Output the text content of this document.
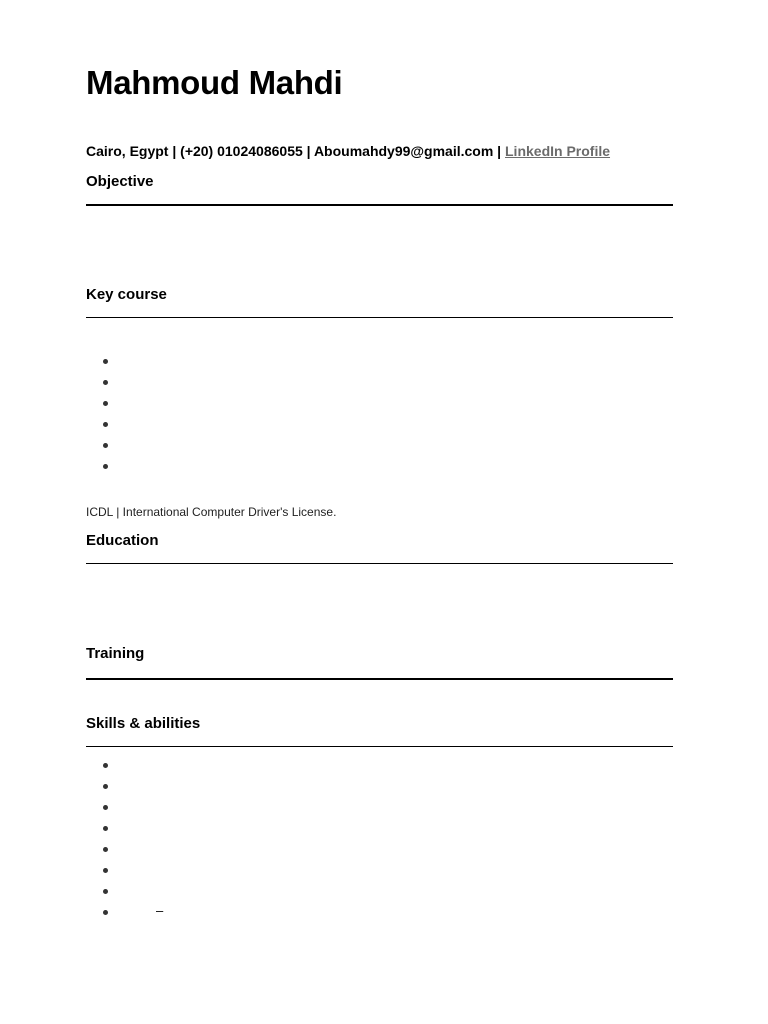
Mahmoud Mahdi
Cairo, Egypt | (+20) 01024086055 | Aboumahdy99@gmail.com | LinkedIn Profile
Objective
Key course
ICDL | International Computer Driver's License.
Education
Training
Skills & abilities
–
